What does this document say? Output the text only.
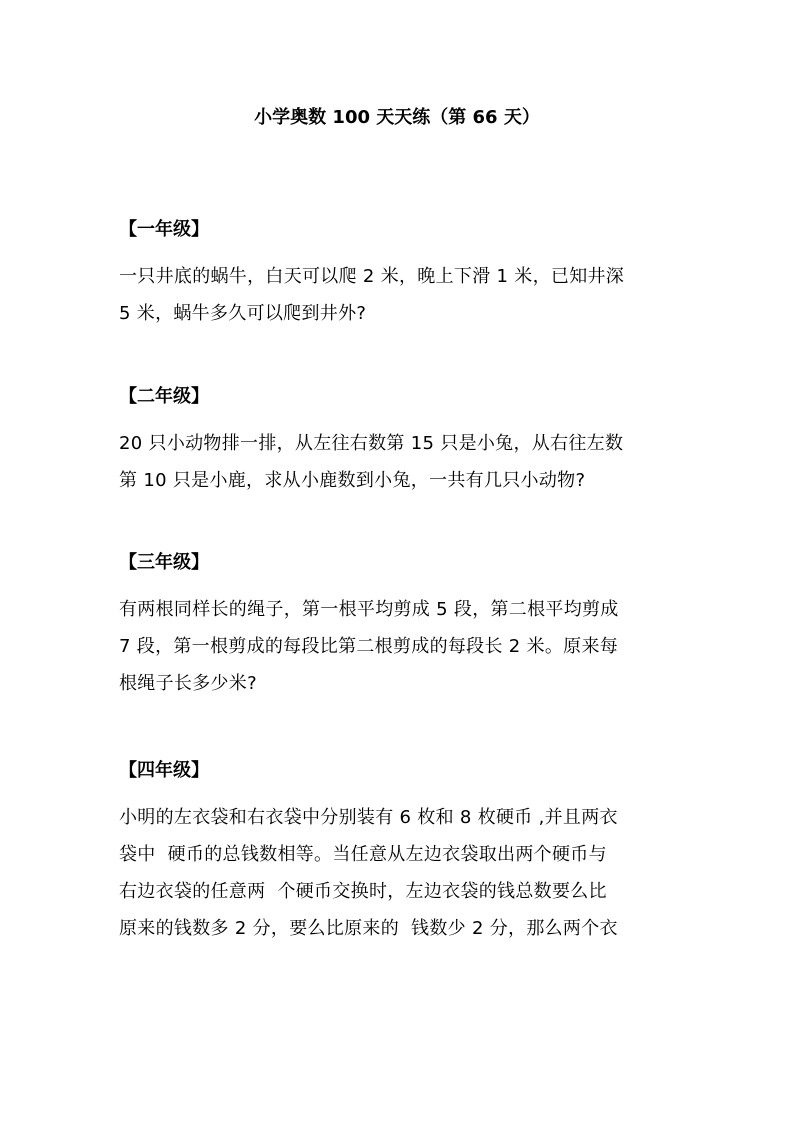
小学奥数 100 天天练（第 66 天）
【一年级】
一只井底的蜗牛，白天可以爬 2 米，晚上下滑 1 米，已知井深
5 米，蜗牛多久可以爬到井外?
【二年级】
20 只小动物排一排，从左往右数第 15 只是小兔，从右往左数
第 10 只是小鹿，求从小鹿数到小兔，一共有几只小动物?
【三年级】
有两根同样长的绳子，第一根平均剪成 5 段，第二根平均剪成
7 段，第一根剪成的每段比第二根剪成的每段长 2 米。原来每
根绳子长多少米?
【四年级】
小明的左衣袋和右衣袋中分别装有 6 枚和 8 枚硬币 ,并且两衣
袋中  硬币的总钱数相等。当任意从左边衣袋取出两个硬币与
右边衣袋的任意两  个硬币交换时，左边衣袋的钱总数要么比
原来的钱数多 2 分，要么比原来的  钱数少 2 分，那么两个衣
